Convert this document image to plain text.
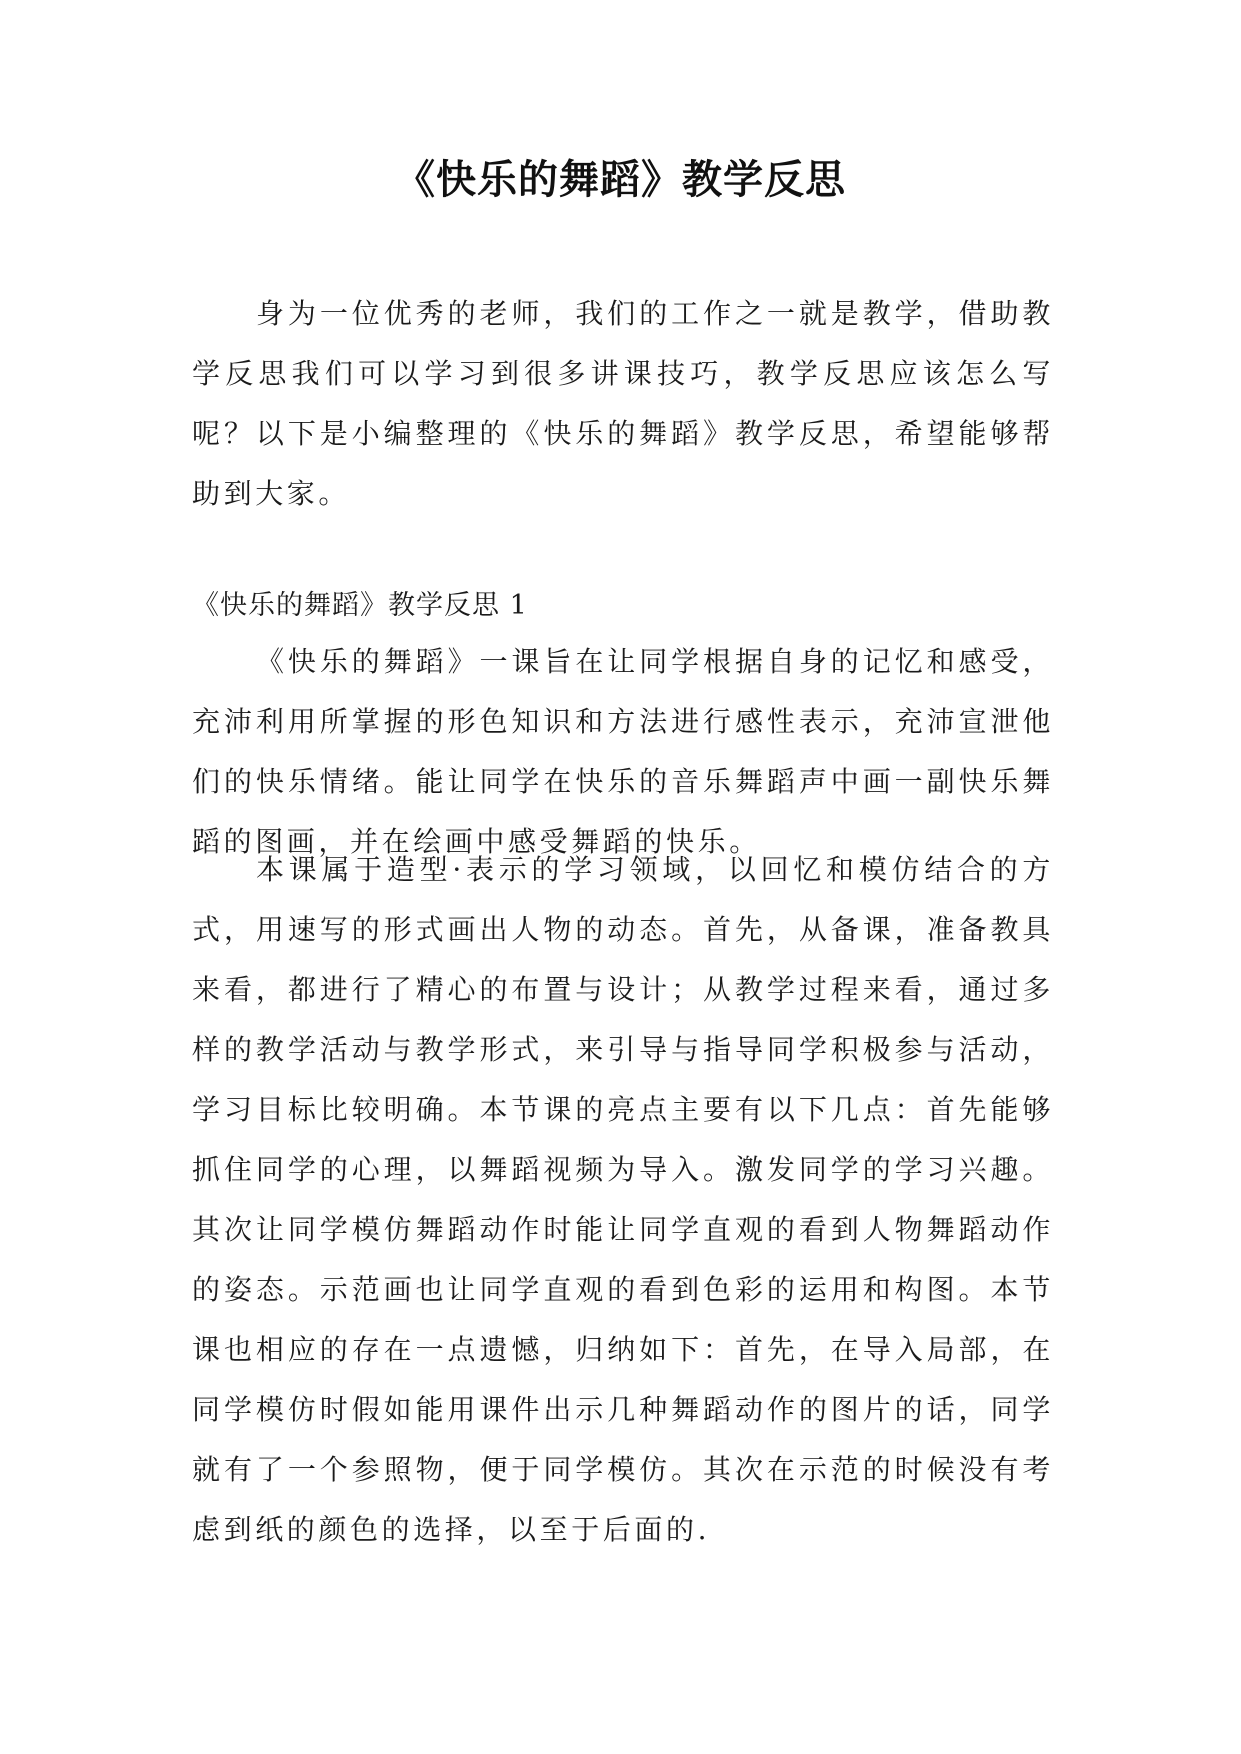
《快乐的舞蹈》教学反思
身为一位优秀的老师，我们的工作之一就是教学，借助教学反思我们可以学习到很多讲课技巧，教学反思应该怎么写呢？以下是小编整理的《快乐的舞蹈》教学反思，希望能够帮助到大家。
《快乐的舞蹈》教学反思 1
《快乐的舞蹈》一课旨在让同学根据自身的记忆和感受，充沛利用所掌握的形色知识和方法进行感性表示，充沛宣泄他们的快乐情绪。能让同学在快乐的音乐舞蹈声中画一副快乐舞蹈的图画，并在绘画中感受舞蹈的快乐。
本课属于造型·表示的学习领域，以回忆和模仿结合的方式，用速写的形式画出人物的动态。首先，从备课，准备教具来看，都进行了精心的布置与设计；从教学过程来看，通过多样的教学活动与教学形式，来引导与指导同学积极参与活动，学习目标比较明确。本节课的亮点主要有以下几点：首先能够抓住同学的心理，以舞蹈视频为导入。激发同学的学习兴趣。其次让同学模仿舞蹈动作时能让同学直观的看到人物舞蹈动作的姿态。示范画也让同学直观的看到色彩的运用和构图。本节课也相应的存在一点遗憾，归纳如下：首先，在导入局部，在同学模仿时假如能用课件出示几种舞蹈动作的图片的话，同学就有了一个参照物，便于同学模仿。其次在示范的时候没有考虑到纸的颜色的选择，以至于后面的.
